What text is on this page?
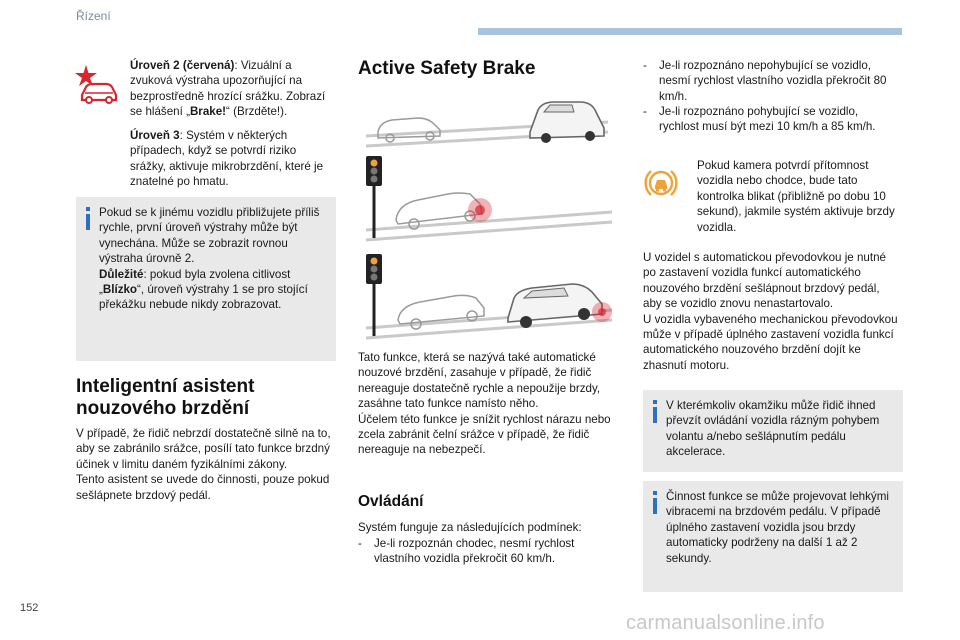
Řízení
Úroveň 2 (červená): Vizuální a zvuková výstraha upozorňující na bezprostředně hrozící srážku. Zobrazí se hlášení „Brake!“ (Brzděte!).
Úroveň 3: Systém v některých případech, když se potvrdí riziko srážky, aktivuje mikrobrzdění, které je znatelné po hmatu.
Pokud se k jinému vozidlu přibližujete příliš rychle, první úroveň výstrahy může být vynechána. Může se zobrazit rovnou výstraha úrovně 2.
Důležité: pokud byla zvolena citlivost „Blízko“, úroveň výstrahy 1 se pro stojící překážku nebude nikdy zobrazovat.
Inteligentní asistent
nouzového brzdění
V případě, že řidič nebrzdí dostatečně silně na to, aby se zabránilo srážce, posílí tato funkce brzdný účinek v limitu daném fyzikálními zákony.
Tento asistent se uvede do činnosti, pouze pokud sešlápnete brzdový pedál.
Active Safety Brake
Tato funkce, která se nazývá také automatické nouzové brzdění, zasahuje v případě, že řidič nereaguje dostatečně rychle a nepoužije brzdy, zasáhne tato funkce namísto něho.
Účelem této funkce je snížit rychlost nárazu nebo zcela zabránit čelní srážce v případě, že řidič nereaguje na nebezpečí.
Ovládání
Systém funguje za následujících podmínek:
-	Je-li rozpoznán chodec, nesmí rychlost vlastního vozidla překročit 60 km/h.
-	Je-li rozpoznáno nepohybující se vozidlo, nesmí rychlost vlastního vozidla překročit 80 km/h.
-	Je-li rozpoznáno pohybující se vozidlo, rychlost musí být mezi 10 km/h a 85 km/h.
Pokud kamera potvrdí přítomnost vozidla nebo chodce, bude tato kontrolka blikat (přibližně po dobu 10 sekund), jakmile systém aktivuje brzdy vozidla.
U vozidel s automatickou převodovkou je nutné po zastavení vozidla funkcí automatického nouzového brzdění sešlápnout brzdový pedál, aby se vozidlo znovu nenastartovalo.
U vozidla vybaveného mechanickou převodovkou může v případě úplného zastavení vozidla funkcí automatického nouzového brzdění dojít ke zhasnutí motoru.
V kterémkoliv okamžiku může řidič ihned převzít ovládání vozidla rázným pohybem volantu a/nebo sešlápnutím pedálu akcelerace.
Činnost funkce se může projevovat lehkými vibracemi na brzdovém pedálu. V případě úplného zastavení vozidla jsou brzdy automaticky podrženy na další 1 až 2 sekundy.
152
carmanualsonline.info
